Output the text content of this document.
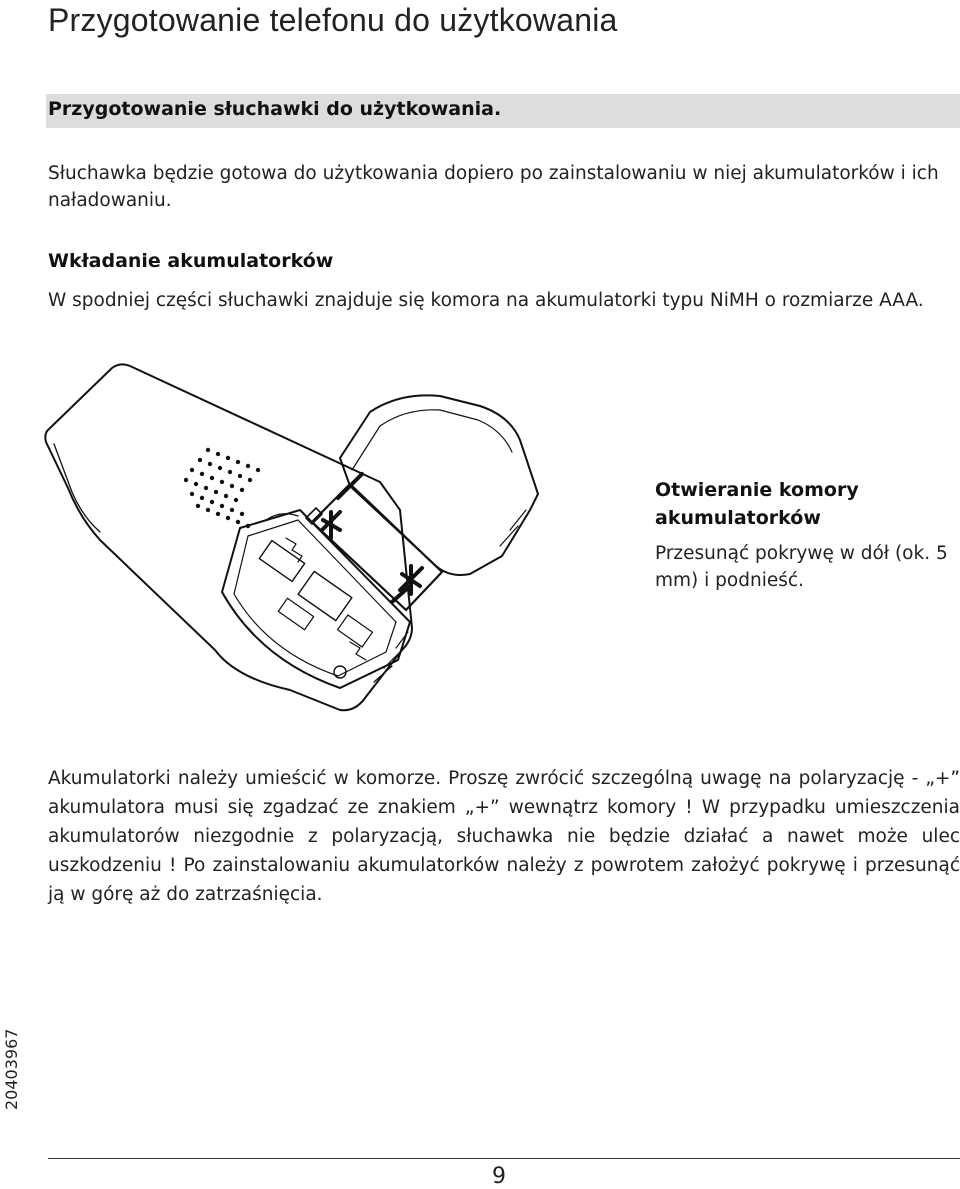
Przygotowanie telefonu do użytkowania
Przygotowanie słuchawki do użytkowania.

Słuchawka będzie gotowa do użytkowania dopiero po zainstalowaniu w niej akumulatorków i ich naładowaniu.

Wkładanie akumulatorków

W spodniej części słuchawki znajduje się komora na akumulatorki typu NiMH o rozmiarze AAA.

Otwieranie komory akumulatorków

Przesunąć pokrywę w dół (ok. 5 mm) i podnieść.

Akumulatorki należy umieścić w komorze. Proszę zwrócić szczególną uwagę na polaryzację - „+” akumulatora musi się zgadzać ze znakiem „+” wewnątrz komory ! W przypadku umieszczenia akumulatorów niezgodnie z polaryzacją, słuchawka nie będzie działać a nawet może ulec uszkodzeniu ! Po zainstalowaniu akumulatorków należy z powrotem założyć pokrywę i przesunąć ją w górę aż do zatrzaśnięcia.

20403967
9
